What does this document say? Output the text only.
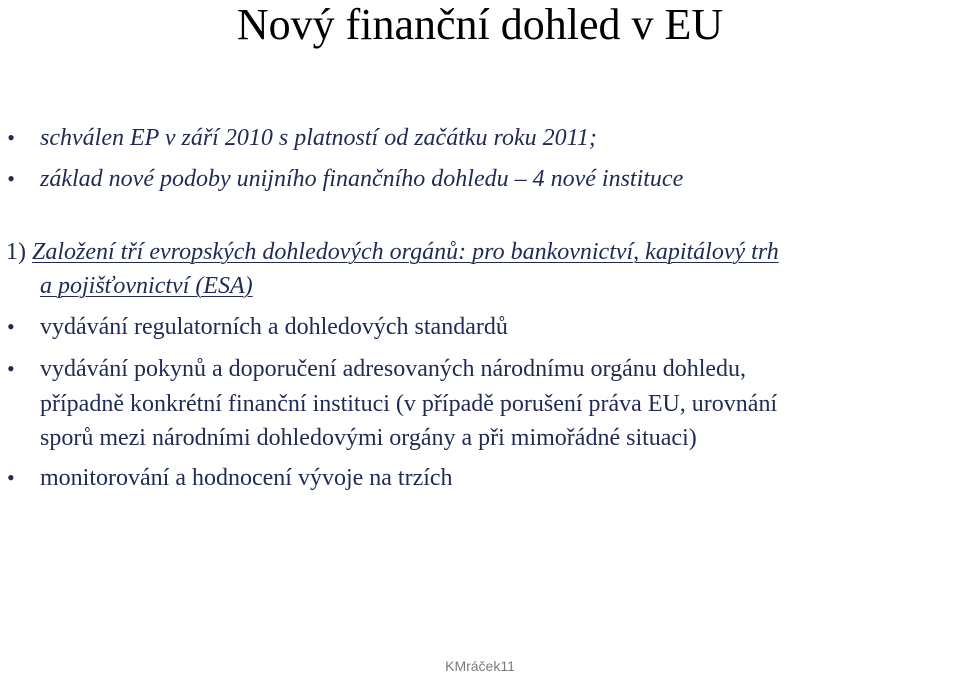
Nový finanční dohled v EU
• schválen EP v září 2010 s platností od začátku roku 2011;
• základ nové podoby unijního finančního dohledu – 4 nové instituce
1) Založení tří evropských dohledových orgánů: pro bankovnictví, kapitálový trh
a pojišťovnictví (ESA)
• vydávání regulatorních a dohledových standardů
• vydávání pokynů a doporučení adresovaných národnímu orgánu dohledu,
případně konkrétní finanční instituci (v případě porušení práva EU, urovnání
sporů mezi národními dohledovými orgány a při mimořádné situaci)
• monitorování a hodnocení vývoje na trzích
KMráček11
